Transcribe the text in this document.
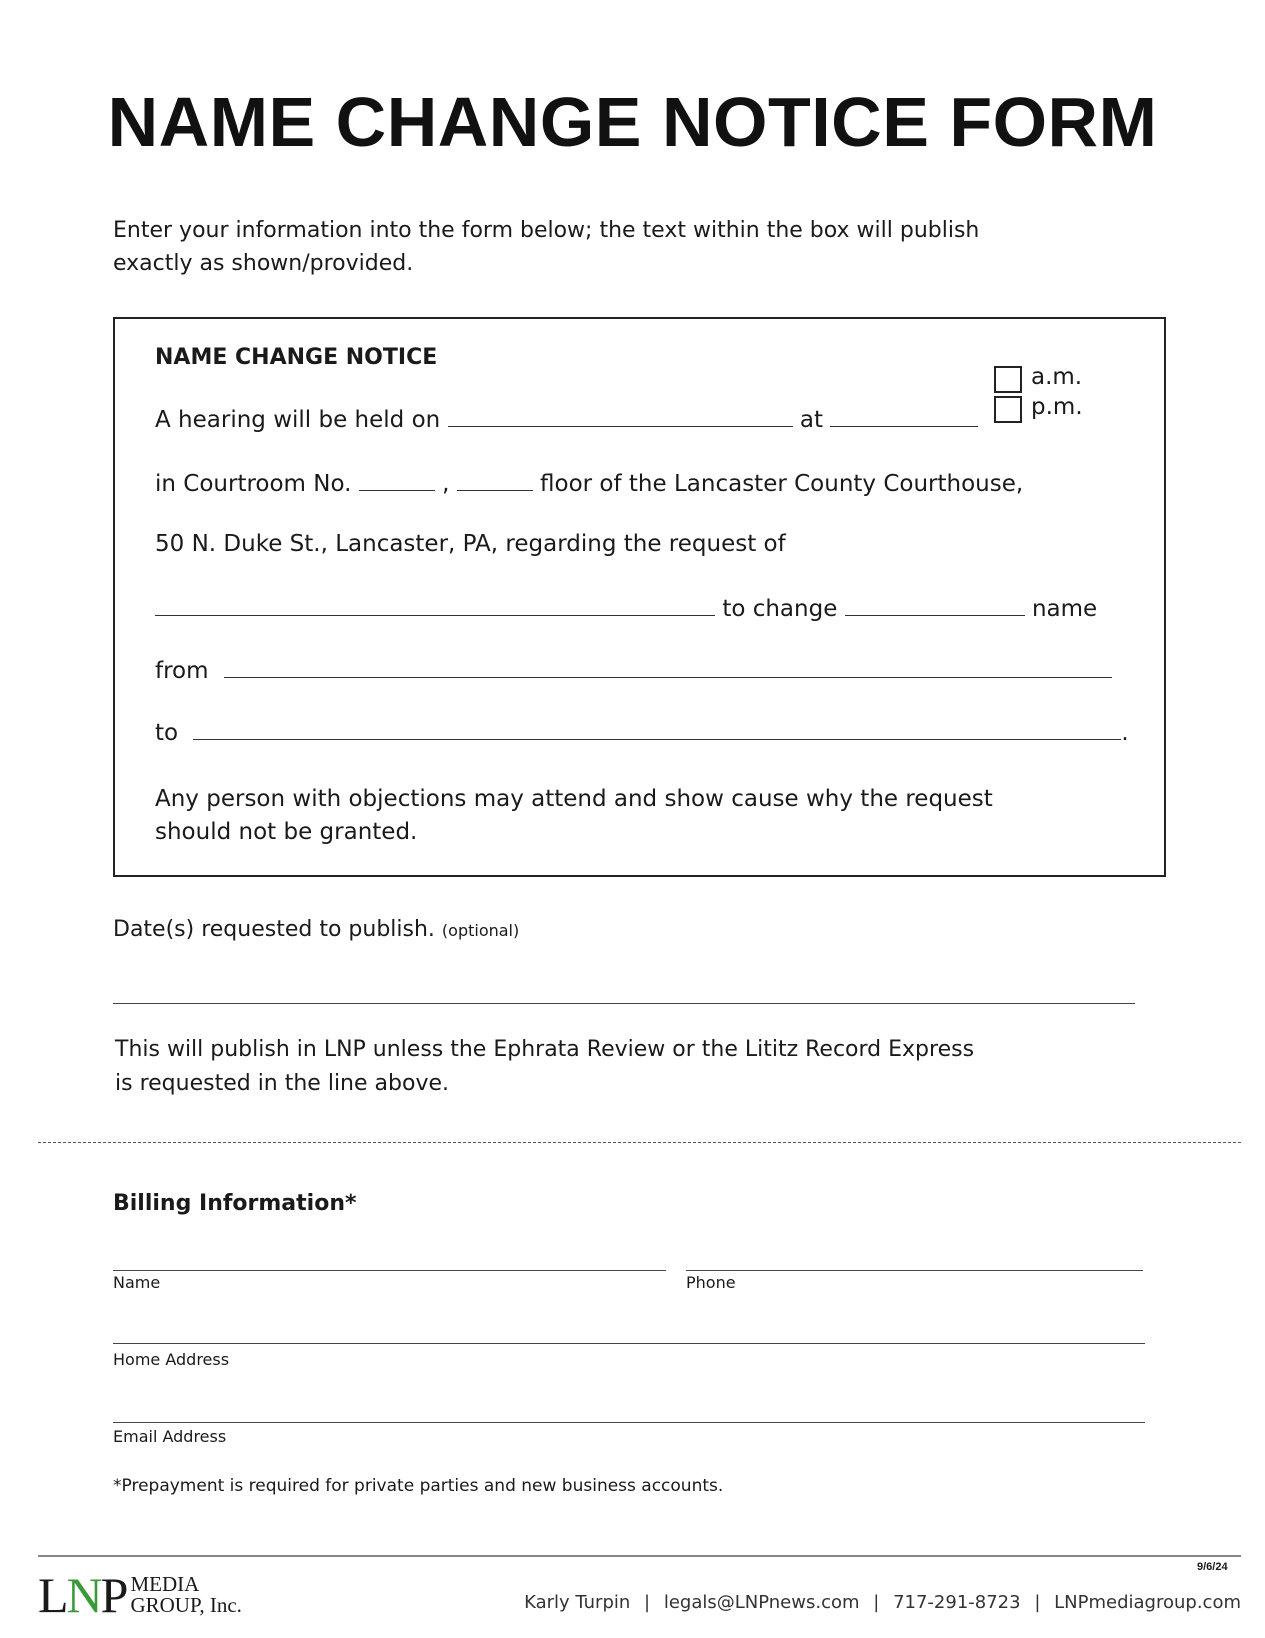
NAME CHANGE NOTICE FORM
Enter your information into the form below; the text within the box will publish
exactly as shown/provided.
NAME CHANGE NOTICE
A hearing will be held on	at
a.m.
p.m.
in Courtroom No.	,	floor of the Lancaster County Courthouse,
50 N. Duke St., Lancaster, PA, regarding the request of
to change	name
from
to	.
Any person with objections may attend and show cause why the request
should not be granted.
Date(s) requested to publish. (optional)
This will publish in LNP unless the Ephrata Review or the Lititz Record Express
is requested in the line above.
Billing Information*
Name	Phone
Home Address
Email Address
*Prepayment is required for private parties and new business accounts.
9/6/24
LNP MEDIA
GROUP, Inc.	Karly Turpin | legals@LNPnews.com | 717-291-8723 | LNPmediagroup.com
